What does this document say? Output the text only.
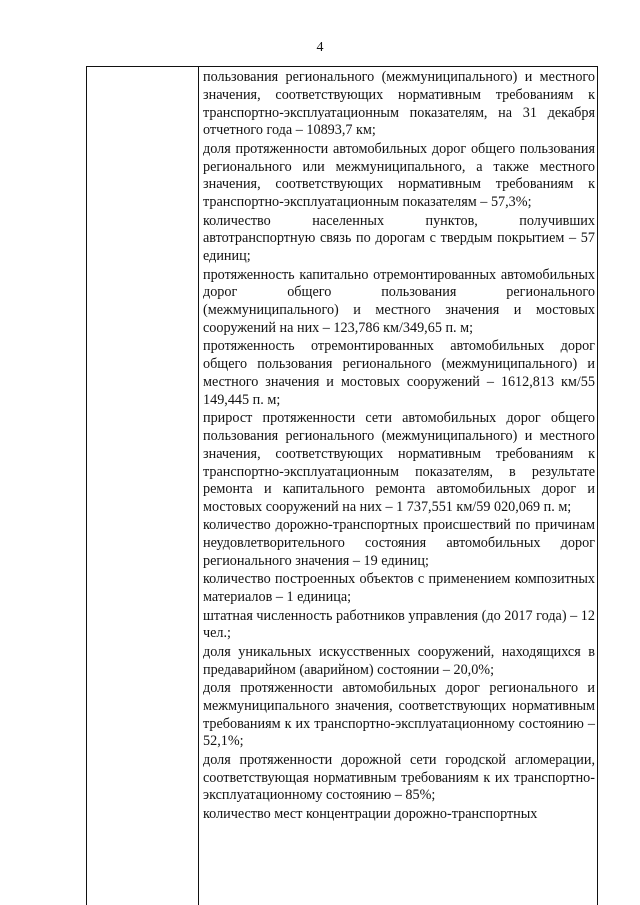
4

пользования регионального (межмуниципального) и местного значения, соответствующих нормативным требованиям к транспортно-эксплуатационным показателям, на 31 декабря отчетного года – 10893,7 км;

доля протяженности автомобильных дорог общего пользования регионального или межмуниципального, а также местного значения, соответствующих нормативным требованиям к транспортно-эксплуатационным показателям – 57,3%;

количество населенных пунктов, получивших автотранспортную связь по дорогам с твердым покрытием – 57 единиц;

протяженность капитально отремонтированных автомобильных дорог общего пользования регионального (межмуниципального) и местного значения и мостовых сооружений на них – 123,786 км/349,65 п. м;

протяженность отремонтированных автомобильных дорог общего пользования регионального (межмуниципального) и местного значения и мостовых сооружений – 1612,813 км/55 149,445 п. м;

прирост протяженности сети автомобильных дорог общего пользования регионального (межмуниципального) и местного значения, соответствующих нормативным требованиям к транспортно-эксплуатационным показателям, в результате ремонта и капитального ремонта автомобильных дорог и мостовых сооружений на них – 1 737,551 км/59 020,069 п. м;

количество дорожно-транспортных происшествий по причинам неудовлетворительного состояния автомобильных дорог регионального значения – 19 единиц;

количество построенных объектов с применением композитных материалов – 1 единица;

штатная численность работников управления (до 2017 года) – 12 чел.;

доля уникальных искусственных сооружений, находящихся в предаварийном (аварийном) состоянии – 20,0%;

доля протяженности автомобильных дорог регионального и межмуниципального значения, соответствующих нормативным требованиям к их транспортно-эксплуатационному состоянию – 52,1%;

доля протяженности дорожной сети городской агломерации, соответствующая нормативным требованиям к их транспортно-эксплуатационному состоянию – 85%;

количество мест концентрации дорожно-транспортных
